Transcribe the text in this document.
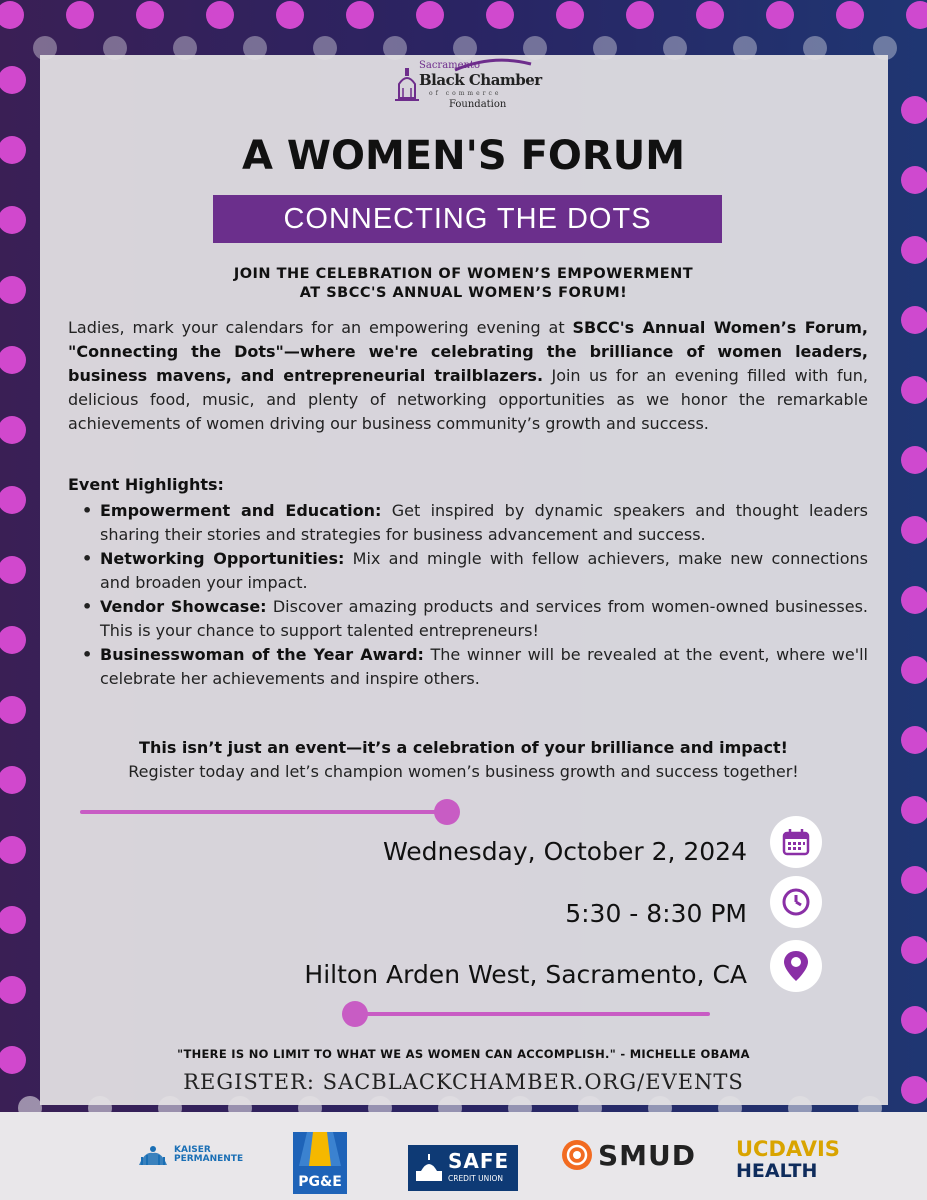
Sacramento
Black Chamber
of commerce
Foundation
A WOMEN'S FORUM
CONNECTING THE DOTS
JOIN THE CELEBRATION OF WOMEN’S EMPOWERMENT
AT SBCC'S ANNUAL WOMEN’S FORUM!
Ladies, mark your calendars for an empowering evening at SBCC's Annual Women’s Forum, "Connecting the Dots"—where we're celebrating the brilliance of women leaders, business mavens, and entrepreneurial trailblazers. Join us for an evening filled with fun, delicious food, music, and plenty of networking opportunities as we honor the remarkable achievements of women driving our business community’s growth and success.
Event Highlights:
• Empowerment and Education: Get inspired by dynamic speakers and thought leaders sharing their stories and strategies for business advancement and success.
• Networking Opportunities: Mix and mingle with fellow achievers, make new connections and broaden your impact.
• Vendor Showcase: Discover amazing products and services from women-owned businesses. This is your chance to support talented entrepreneurs!
• Businesswoman of the Year Award: The winner will be revealed at the event, where we'll celebrate her achievements and inspire others.
This isn’t just an event—it’s a celebration of your brilliance and impact!
Register today and let’s champion women’s business growth and success together!
Wednesday, October 2, 2024
5:30 - 8:30 PM
Hilton Arden West, Sacramento, CA
"THERE IS NO LIMIT TO WHAT WE AS WOMEN CAN ACCOMPLISH." - MICHELLE OBAMA
REGISTER: SACBLACKCHAMBER.ORG/EVENTS
KAISER PERMANENTE
PG&E
SAFE
CREDIT UNION
SMUD UCDAVIS
HEALTH
